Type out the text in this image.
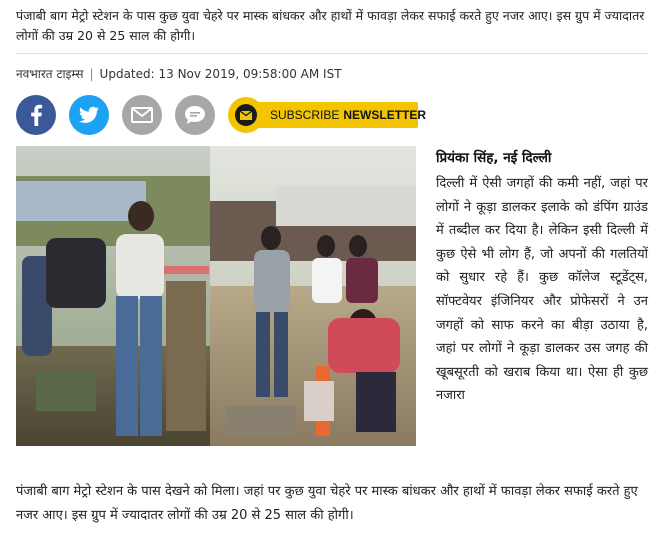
पंजाबी बाग मेट्रो स्टेशन के पास कुछ युवा चेहरे पर मास्क बांधकर और हाथों में फावड़ा लेकर सफाई करते हुए नजर आए। इस ग्रुप में ज्यादातर लोगों की उम्र 20 से 25 साल की होगी।
नवभारत टाइम्स | Updated: 13 Nov 2019, 09:58:00 AM IST
SUBSCRIBE NEWSLETTER
प्रियंका सिंह, नई दिल्ली
दिल्ली में ऐसी जगहों की कमी नहीं, जहां पर लोगों ने कूड़ा डालकर इलाके को डंपिंग ग्राउंड में तब्दील कर दिया है। लेकिन इसी दिल्ली में कुछ ऐसे भी लोग हैं, जो अपनों की गलतियों को सुधार रहे हैं। कुछ कॉलेज स्टूडेंट्स, सॉफ्टवेयर इंजिनियर और प्रोफेसरों ने उन जगहों को साफ करने का बीड़ा उठाया है, जहां पर लोगों ने कूड़ा डालकर उस जगह की खूबसूरती को खराब किया था। ऐसा ही कुछ नजारा
पंजाबी बाग मेट्रो स्टेशन के पास देखने को मिला। जहां पर कुछ युवा चेहरे पर मास्क बांधकर और हाथों में फावड़ा लेकर सफाई करते हुए नजर आए। इस ग्रुप में ज्यादातर लोगों की उम्र 20 से 25 साल की होगी।
